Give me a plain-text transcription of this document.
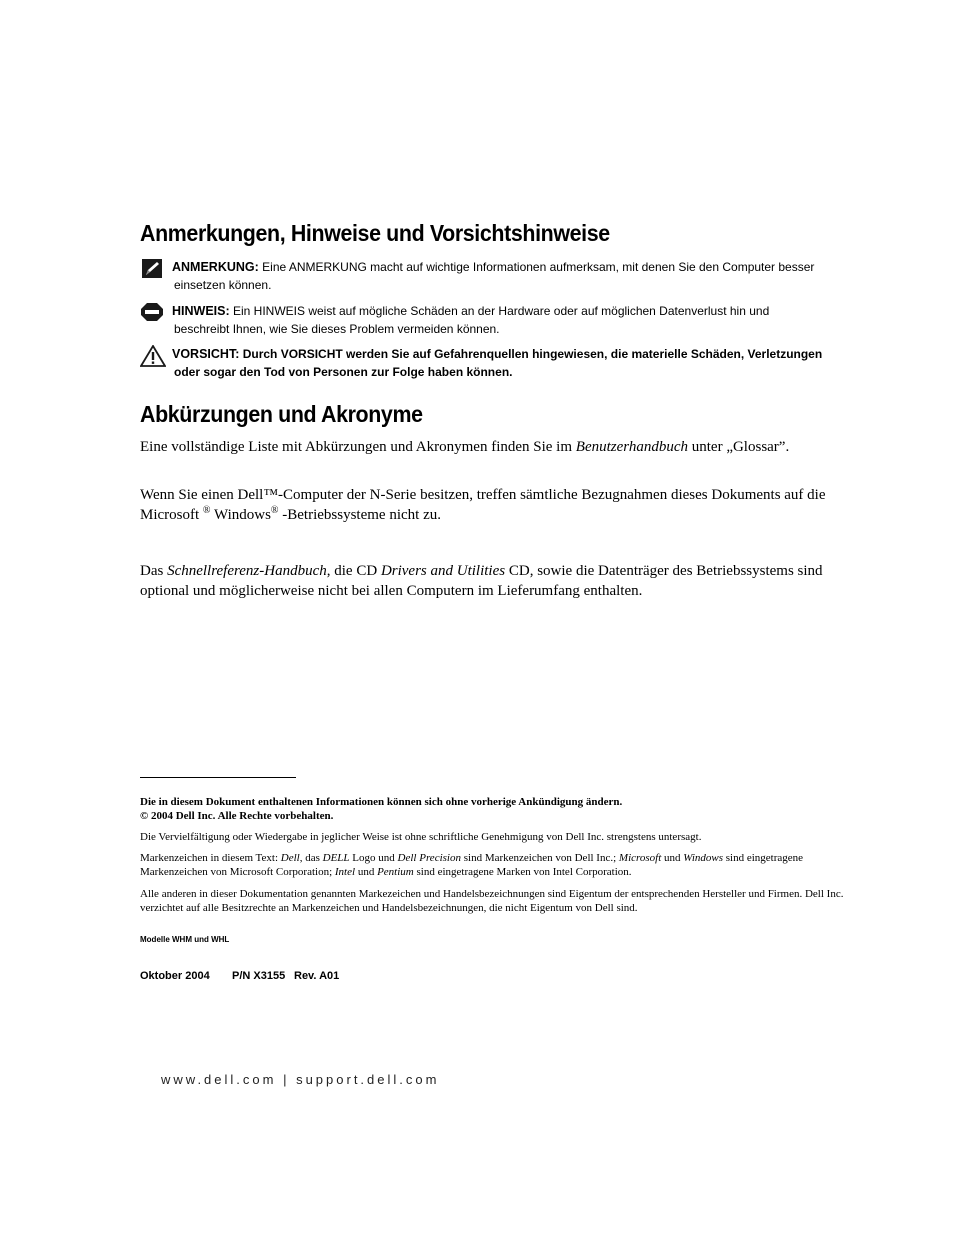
Anmerkungen, Hinweise und Vorsichtshinweise
ANMERKUNG: Eine ANMERKUNG macht auf wichtige Informationen aufmerksam, mit denen Sie den Computer besser
einsetzen können.
HINWEIS: Ein HINWEIS weist auf mögliche Schäden an der Hardware oder auf möglichen Datenverlust hin und
beschreibt Ihnen, wie Sie dieses Problem vermeiden können.
VORSICHT: Durch VORSICHT werden Sie auf Gefahrenquellen hingewiesen, die materielle Schäden, Verletzungen
oder sogar den Tod von Personen zur Folge haben können.
Abkürzungen und Akronyme

Eine vollständige Liste mit Abkürzungen und Akronymen finden Sie im Benutzerhandbuch unter „Glossar”.

Wenn Sie einen Dell™-Computer der N-Serie besitzen, treffen sämtliche Bezugnahmen dieses Dokuments auf die Microsoft ® Windows® -Betriebssysteme nicht zu.

Das Schnellreferenz-Handbuch, die CD Drivers and Utilities CD, sowie die Datenträger des Betriebssystems sind optional und möglicherweise nicht bei allen Computern im Lieferumfang enthalten.

Die in diesem Dokument enthaltenen Informationen können sich ohne vorherige Ankündigung ändern.
© 2004 Dell Inc. Alle Rechte vorbehalten.

Die Vervielfältigung oder Wiedergabe in jeglicher Weise ist ohne schriftliche Genehmigung von Dell Inc. strengstens untersagt.

Markenzeichen in diesem Text: Dell, das DELL Logo und Dell Precision sind Markenzeichen von Dell Inc.; Microsoft und Windows sind eingetragene Markenzeichen von Microsoft Corporation; Intel und Pentium sind eingetragene Marken von Intel Corporation.

Alle anderen in dieser Dokumentation genannten Markezeichen und Handelsbezeichnungen sind Eigentum der entsprechenden Hersteller und Firmen. Dell Inc. verzichtet auf alle Besitzrechte an Markenzeichen und Handelsbezeichnungen, die nicht Eigentum von Dell sind.

Modelle WHM und WHL

Oktober 2004 P/N X3155 Rev. A01

www.dell.com | support.dell.com
